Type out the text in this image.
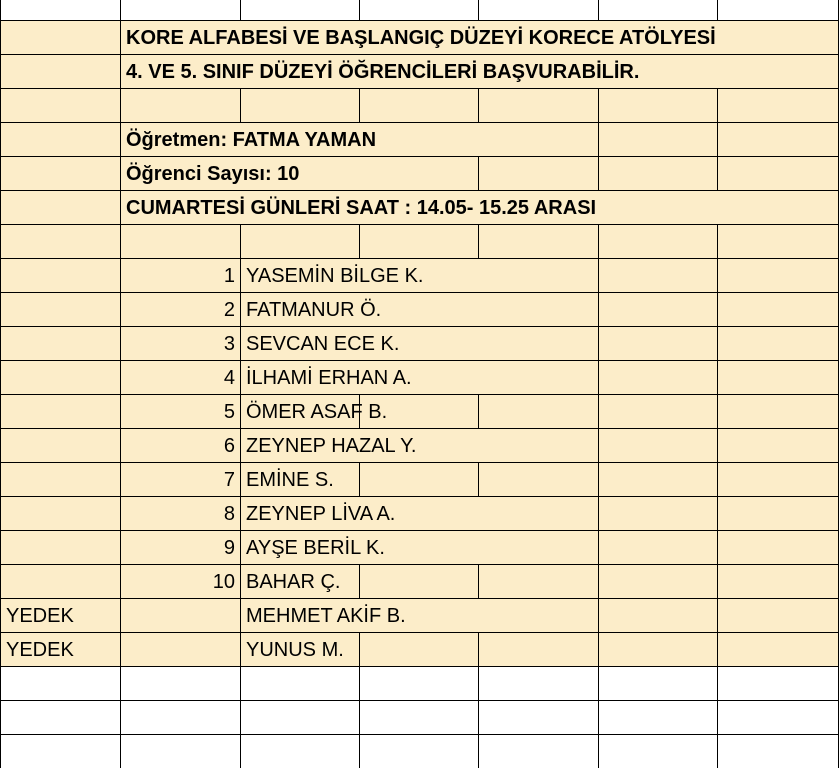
KORE ALFABESİ VE BAŞLANGIÇ DÜZEYİ KORECE ATÖLYESİ
4. VE 5. SINIF DÜZEYİ ÖĞRENCİLERİ BAŞVURABİLİR.
Öğretmen: FATMA YAMAN
Öğrenci Sayısı: 10
CUMARTESİ GÜNLERİ SAAT : 14.05- 15.25 ARASI
1 YASEMİN BİLGE K.
2 FATMANUR Ö.
3 SEVCAN ECE K.
4 İLHAMİ ERHAN A.
5 ÖMER ASAF B.
6 ZEYNEP HAZAL Y.
7 EMİNE S.
8 ZEYNEP LİVA A.
9 AYŞE BERİL K.
10 BAHAR Ç.
YEDEK	MEHMET AKİF B.
YEDEK	YUNUS M.
